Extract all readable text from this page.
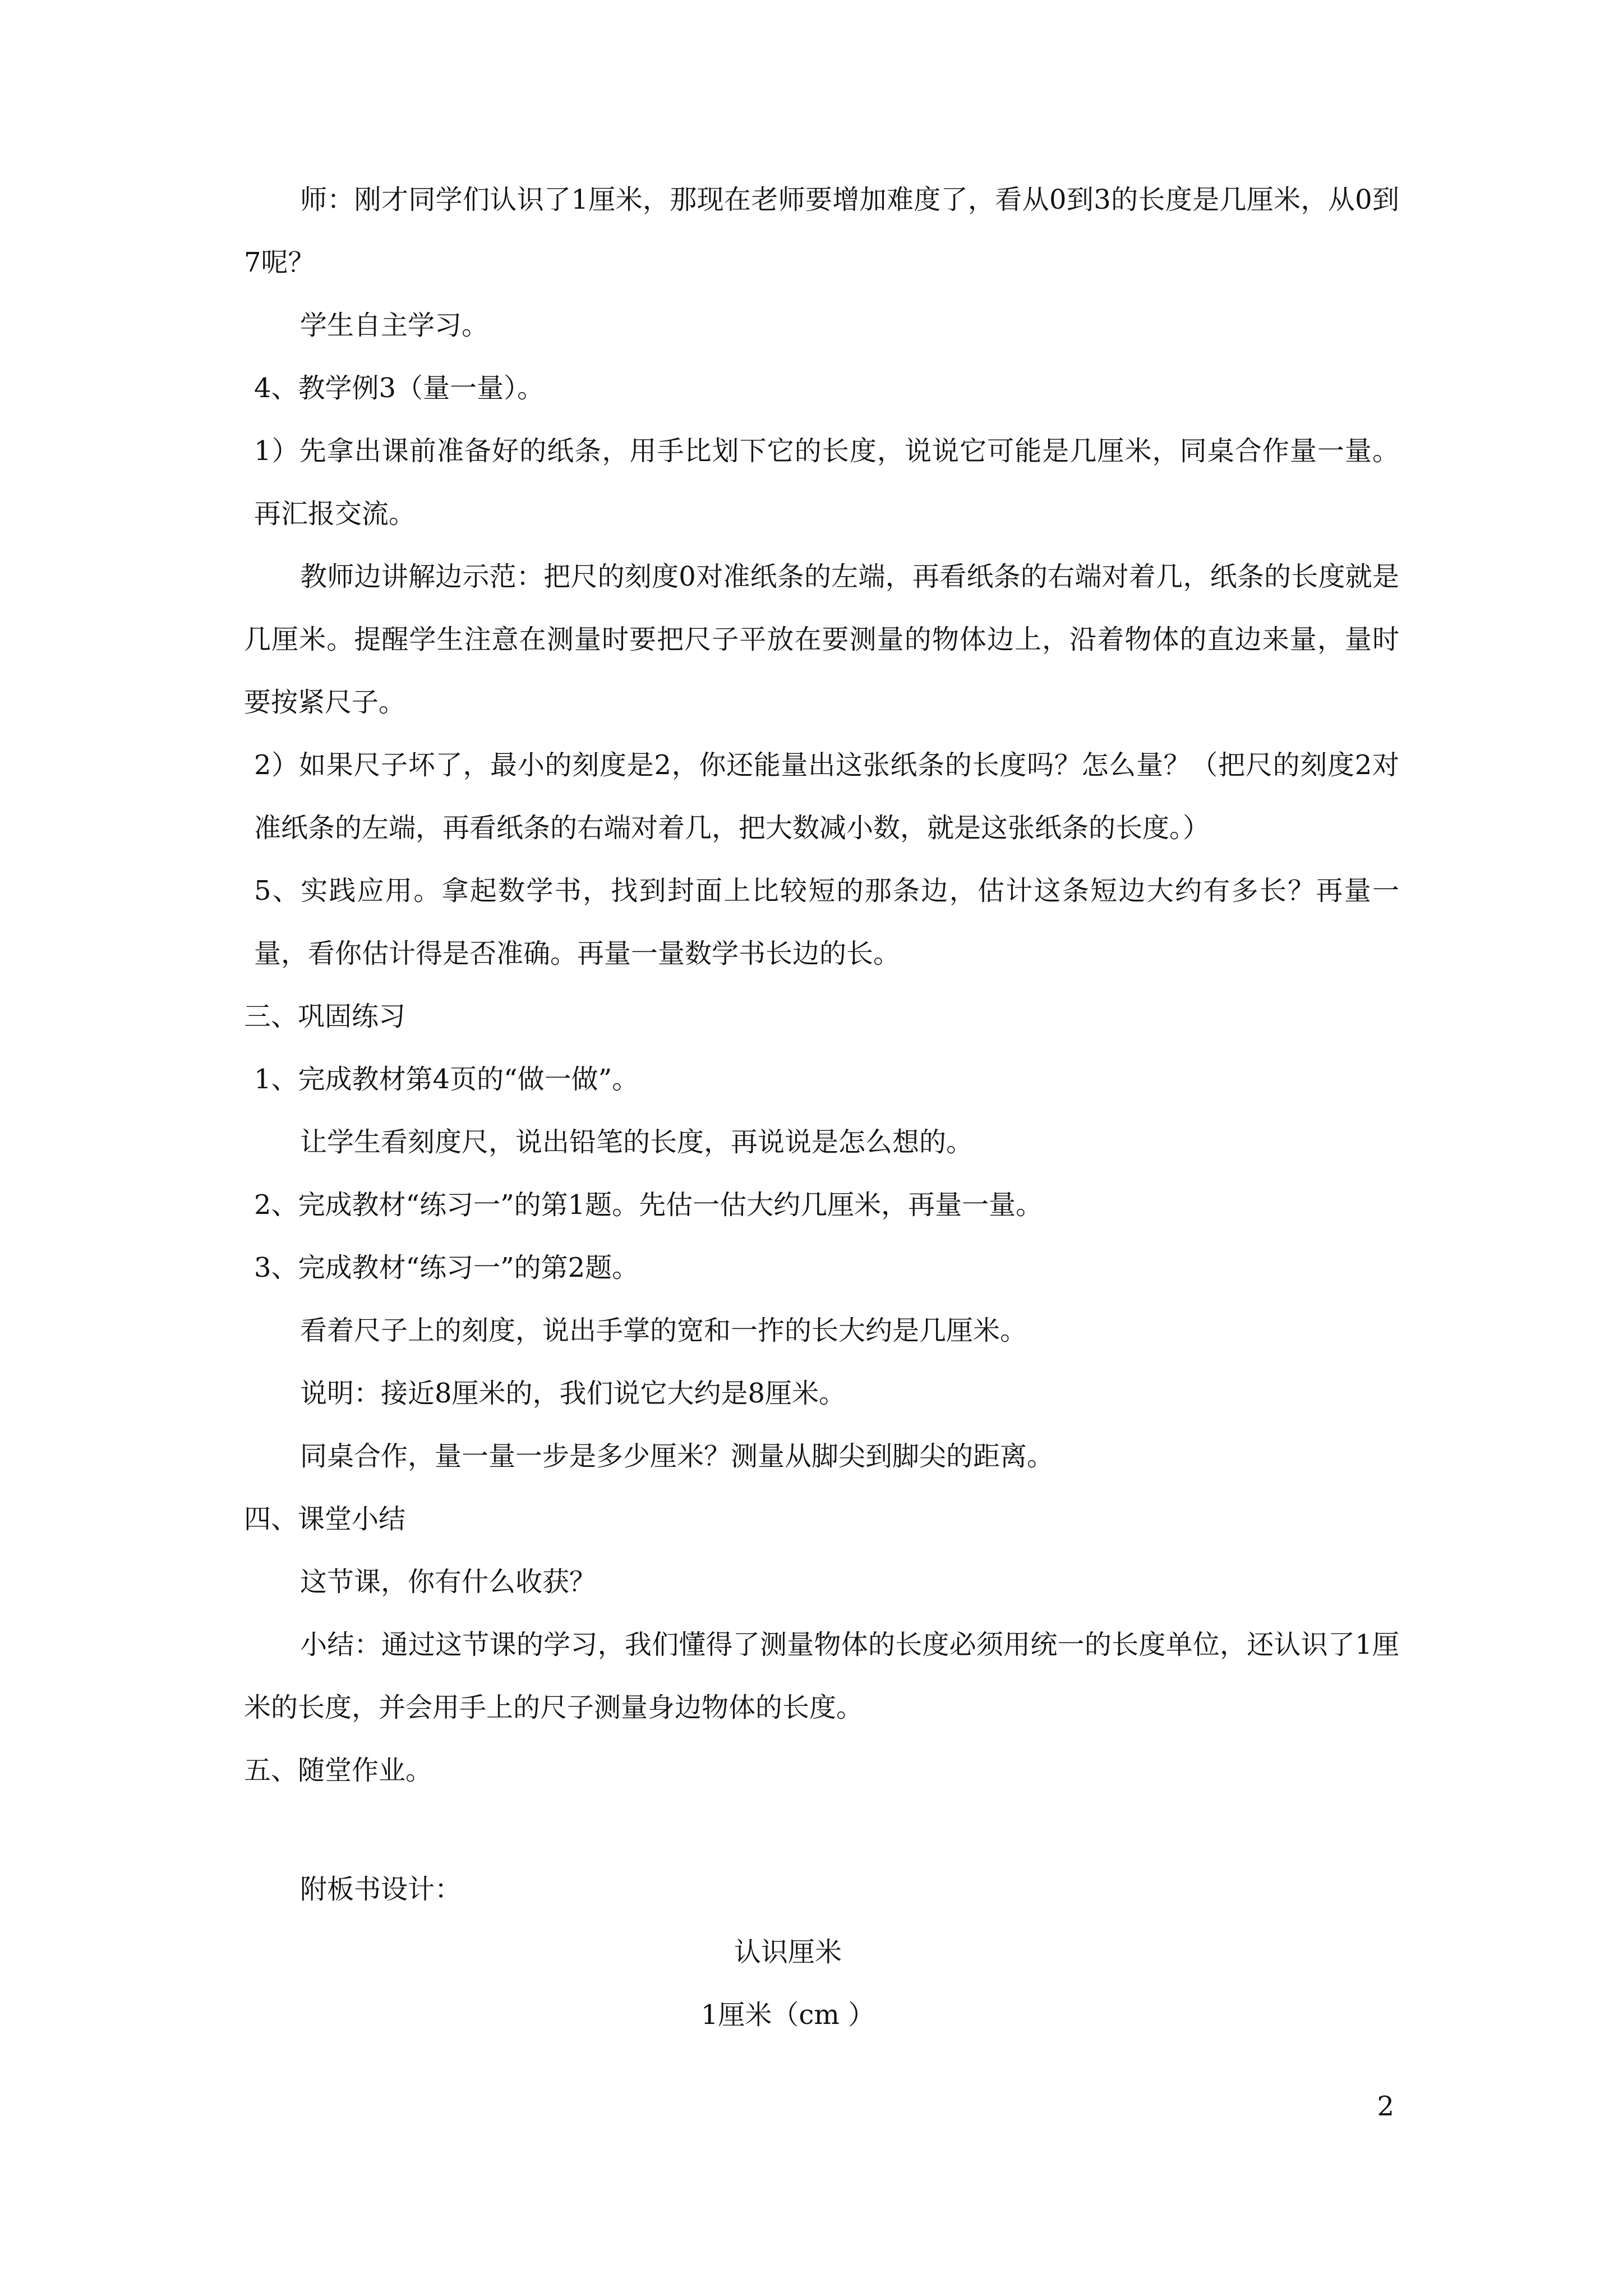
师：刚才同学们认识了1厘米，那现在老师要增加难度了，看从0到3的长度是几厘米，从0到7呢？

学生自主学习。

4、教学例3（量一量）。

1）先拿出课前准备好的纸条，用手比划下它的长度，说说它可能是几厘米，同桌合作量一量。再汇报交流。

教师边讲解边示范：把尺的刻度0对准纸条的左端，再看纸条的右端对着几，纸条的长度就是几厘米。提醒学生注意在测量时要把尺子平放在要测量的物体边上，沿着物体的直边来量，量时要按紧尺子。

2）如果尺子坏了，最小的刻度是2，你还能量出这张纸条的长度吗？怎么量？（把尺的刻度2对准纸条的左端，再看纸条的右端对着几，把大数减小数，就是这张纸条的长度。）

5、实践应用。拿起数学书，找到封面上比较短的那条边，估计这条短边大约有多长？再量一量，看你估计得是否准确。再量一量数学书长边的长。

三、巩固练习

1、完成教材第4页的“做一做”。

让学生看刻度尺，说出铅笔的长度，再说说是怎么想的。

2、完成教材“练习一”的第1题。先估一估大约几厘米，再量一量。

3、完成教材“练习一”的第2题。

看着尺子上的刻度，说出手掌的宽和一拃的长大约是几厘米。

说明：接近8厘米的，我们说它大约是8厘米。

同桌合作，量一量一步是多少厘米？测量从脚尖到脚尖的距离。

四、课堂小结

这节课，你有什么收获？

小结：通过这节课的学习，我们懂得了测量物体的长度必须用统一的长度单位，还认识了1厘米的长度，并会用手上的尺子测量身边物体的长度。

五、随堂作业。

附板书设计：

认识厘米

1厘米（cm ）

2
